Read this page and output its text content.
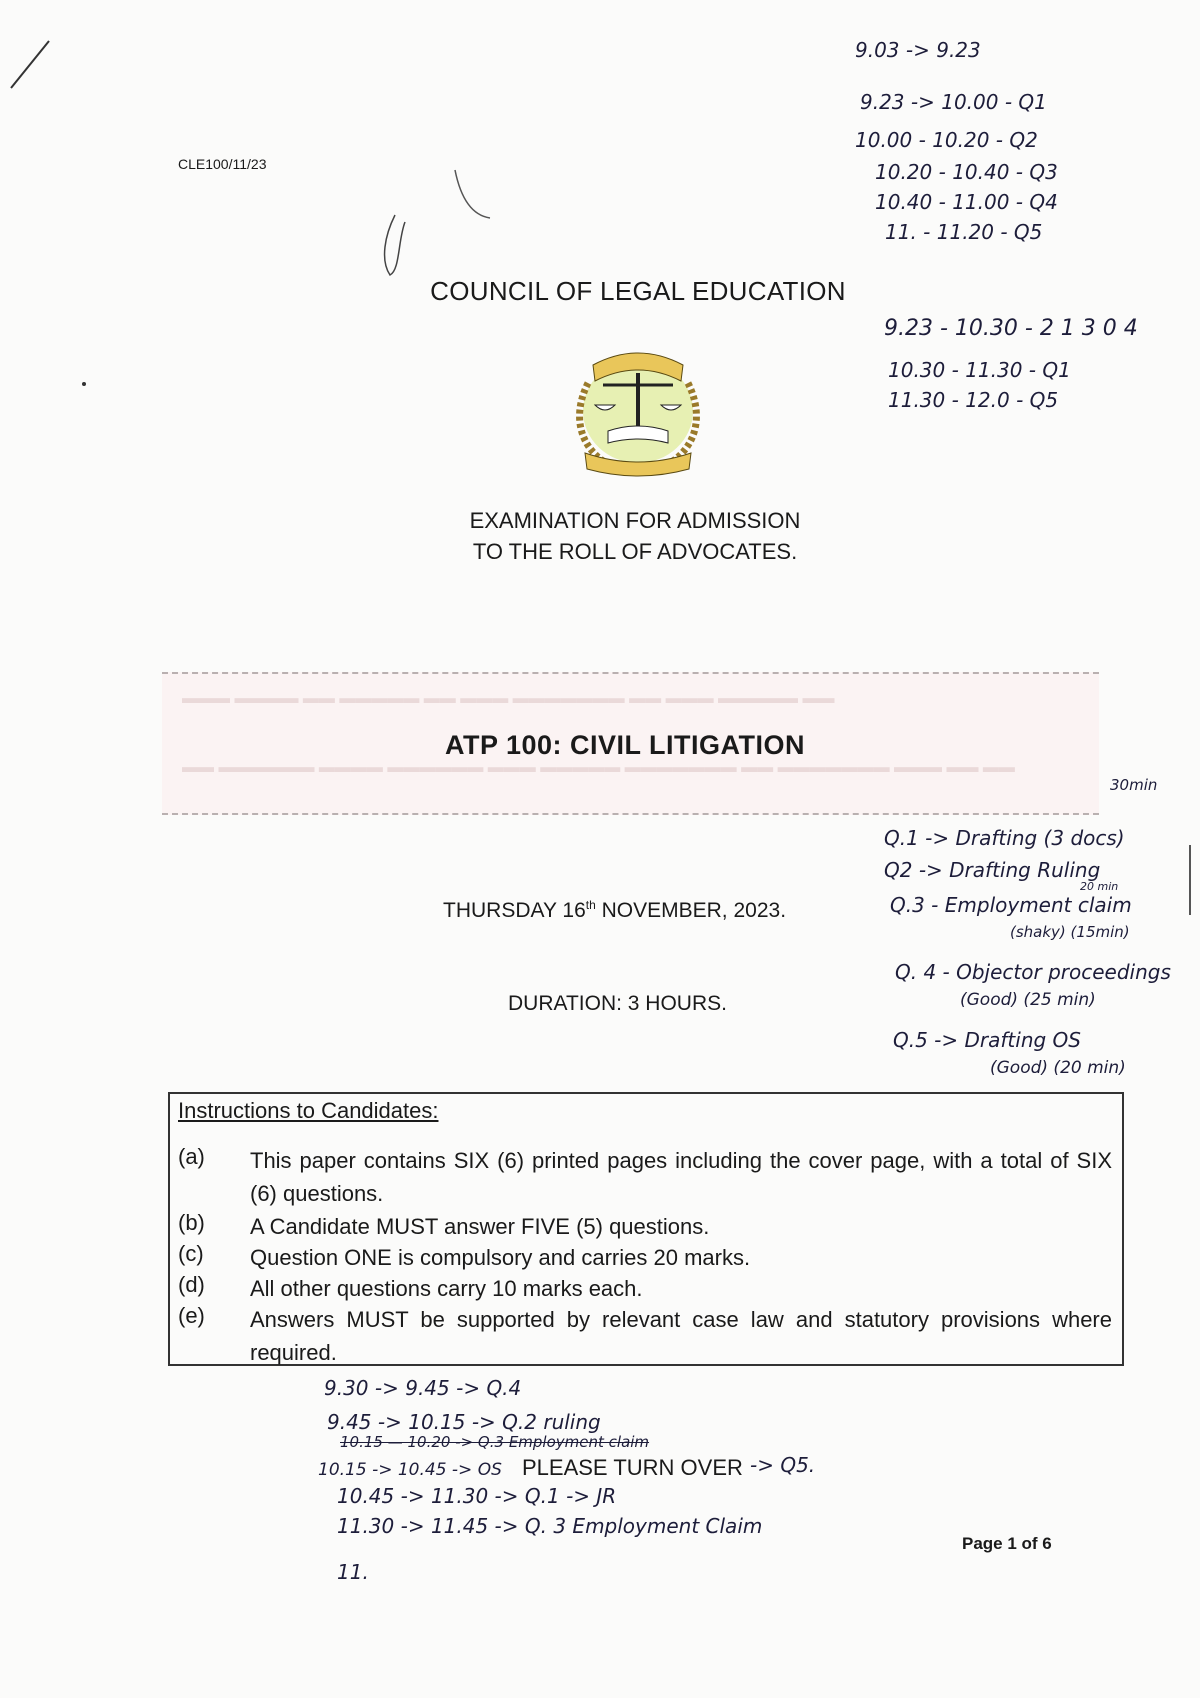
CLE100/11/23
COUNCIL OF LEGAL EDUCATION
EXAMINATION FOR ADMISSION
TO THE ROLL OF ADVOCATES.
▬▬▬ ▬▬▬▬ ▬▬ ▬▬▬▬▬ ▬▬ ▬▬▬ ▬▬▬▬▬▬▬ ▬▬ ▬▬▬ ▬▬▬▬▬ ▬▬
▬▬ ▬▬▬▬▬▬ ▬▬▬▬ ▬▬▬▬▬▬ ▬▬▬ ▬▬▬▬▬ ▬▬▬▬▬▬▬ ▬▬ ▬▬▬▬▬▬▬ ▬▬▬ ▬▬ ▬▬
ATP 100: CIVIL LITIGATION
THURSDAY 16th NOVEMBER, 2023.
DURATION: 3 HOURS.
Instructions to Candidates:
(a) This paper contains SIX (6) printed pages including the cover page, with a total of SIX (6) questions.
(b) A Candidate MUST answer FIVE (5) questions.
(c) Question ONE is compulsory and carries 20 marks.
(d) All other questions carry 10 marks each.
(e) Answers MUST be supported by relevant case law and statutory provisions where required.
PLEASE TURN OVER
Page 1 of 6
9.03 -> 9.23
9.23 -> 10.00 - Q1
10.00 - 10.20 - Q2
10.20 - 10.40 - Q3
10.40 - 11.00 - Q4
11. - 11.20 - Q5
9.23 - 10.30 - 2 1 3 0 4
10.30 - 11.30 - Q1
11.30 - 12.0 - Q5
30min
Q.1 -> Drafting (3 docs)
Q2 -> Drafting Ruling
20 min
Q.3 - Employment claim
(shaky) (15min)
Q. 4 - Objector proceedings
(Good) (25 min)
Q.5 -> Drafting OS
(Good) (20 min)
9.30 -> 9.45 -> Q.4
9.45 -> 10.15 -> Q.2 ruling
10.15 — 10.20 -> Q.3 Employment claim
10.15 -> 10.45 -> OS	-> Q5.
10.45 -> 11.30 -> Q.1 -> JR
11.30 -> 11.45 -> Q. 3 Employment Claim
11.
